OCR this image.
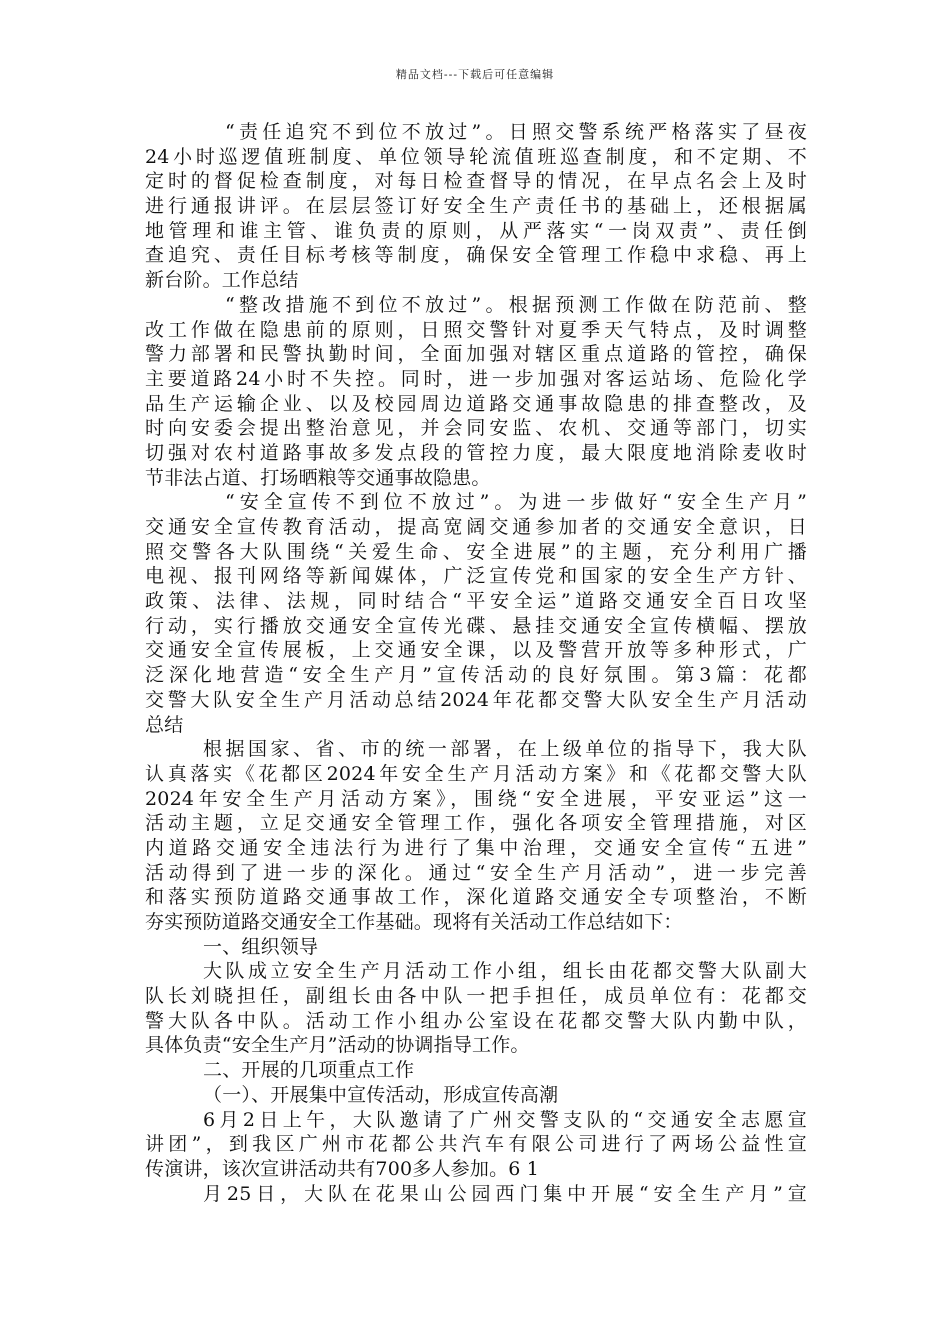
精品文档---下载后可任意编辑
“责任追究不到位不放过”。日照交警系统严格落实了昼夜
24小时巡逻值班制度、单位领导轮流值班巡查制度，和不定期、不
定时的督促检查制度，对每日检查督导的情况，在早点名会上及时
进行通报讲评。在层层签订好安全生产责任书的基础上，还根据属
地管理和谁主管、谁负责的原则，从严落实“一岗双责”、责任倒
查追究、责任目标考核等制度，确保安全管理工作稳中求稳、再上
新台阶。工作总结
“整改措施不到位不放过”。根据预测工作做在防范前、整
改工作做在隐患前的原则，日照交警针对夏季天气特点，及时调整
警力部署和民警执勤时间，全面加强对辖区重点道路的管控，确保
主要道路24小时不失控。同时，进一步加强对客运站场、危险化学
品生产运输企业、以及校园周边道路交通事故隐患的排查整改，及
时向安委会提出整治意见，并会同安监、农机、交通等部门，切实
切强对农村道路事故多发点段的管控力度，最大限度地消除麦收时
节非法占道、打场晒粮等交通事故隐患。
“安全宣传不到位不放过”。为进一步做好“安全生产月”
交通安全宣传教育活动，提高宽阔交通参加者的交通安全意识，日
照交警各大队围绕“关爱生命、安全进展”的主题，充分利用广播
电视、报刊网络等新闻媒体，广泛宣传党和国家的安全生产方针、
政策、法律、法规，同时结合“平安全运”道路交通安全百日攻坚
行动，实行播放交通安全宣传光碟、悬挂交通安全宣传横幅、摆放
交通安全宣传展板，上交通安全课，以及警营开放等多种形式，广
泛深化地营造“安全生产月”宣传活动的良好氛围。第3篇：花都
交警大队安全生产月活动总结2024年花都交警大队安全生产月活动
总结
根据国家、省、市的统一部署，在上级单位的指导下，我大队
认真落实《花都区2024年安全生产月活动方案》和《花都交警大队
2024年安全生产月活动方案》，围绕“安全进展，平安亚运”这一
活动主题，立足交通安全管理工作，强化各项安全管理措施，对区
内道路交通安全违法行为进行了集中治理，交通安全宣传“五进”
活动得到了进一步的深化。通过“安全生产月活动”，进一步完善
和落实预防道路交通事故工作，深化道路交通安全专项整治，不断
夯实预防道路交通安全工作基础。现将有关活动工作总结如下：
一、组织领导
大队成立安全生产月活动工作小组，组长由花都交警大队副大
队长刘晓担任，副组长由各中队一把手担任，成员单位有：花都交
警大队各中队。活动工作小组办公室设在花都交警大队内勤中队，
具体负责“安全生产月”活动的协调指导工作。
二、开展的几项重点工作
（一）、开展集中宣传活动，形成宣传高潮
6月2日上午，大队邀请了广州交警支队的“交通安全志愿宣
讲团”，到我区广州市花都公共汽车有限公司进行了两场公益性宣
传演讲，该次宣讲活动共有700多人参加。6 1
月25日，大队在花果山公园西门集中开展“安全生产月”宣
